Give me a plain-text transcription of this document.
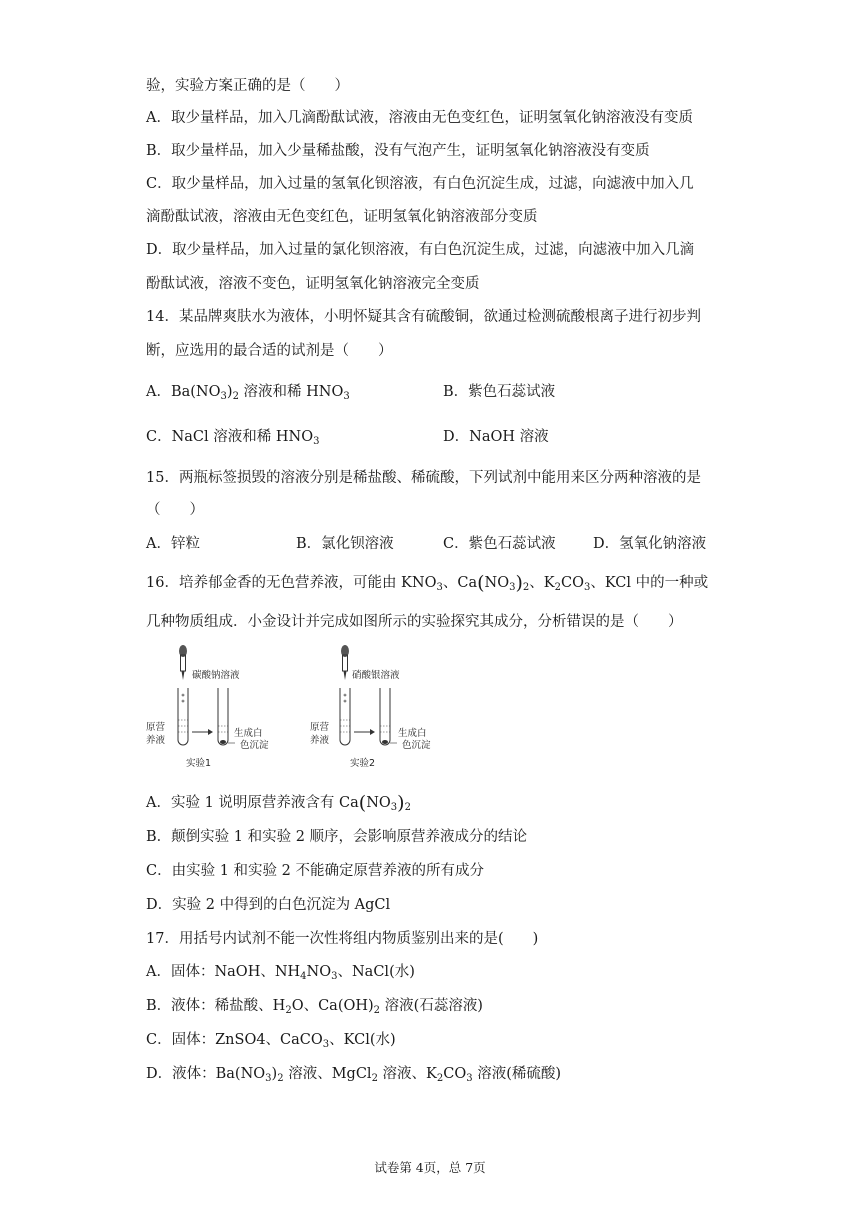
验，实验方案正确的是（　　）
A．取少量样品，加入几滴酚酞试液，溶液由无色变红色，证明氢氧化钠溶液没有变质
B．取少量样品，加入少量稀盐酸，没有气泡产生，证明氢氧化钠溶液没有变质
C．取少量样品，加入过量的氢氧化钡溶液，有白色沉淀生成，过滤，向滤液中加入几
滴酚酞试液，溶液由无色变红色，证明氢氧化钠溶液部分变质
D．取少量样品，加入过量的氯化钡溶液，有白色沉淀生成，过滤，向滤液中加入几滴
酚酞试液，溶液不变色，证明氢氧化钠溶液完全变质
14．某品牌爽肤水为液体，小明怀疑其含有硫酸铜，欲通过检测硫酸根离子进行初步判
断，应选用的最合适的试剂是（　　）
A．$Ba(NO_3)_2$ 溶液和稀 $HNO_3$	B．紫色石蕊试液
C．NaCl 溶液和稀 $HNO_3$	D．NaOH 溶液
15．两瓶标签损毁的溶液分别是稀盐酸、稀硫酸，下列试剂中能用来区分两种溶液的是
（　　）
A．锌粒	B．氯化钡溶液	C．紫色石蕊试液	D．氢氧化钠溶液
16．培养郁金香的无色营养液，可能由 $KNO_3$、$Ca(NO_3)_2$、$K_2CO_3$、KCl 中的一种或
几种物质组成．小金设计并完成如图所示的实验探究其成分，分析错误的是（　　）
碳酸钠溶液
原营
养液
生成白
色沉淀
实验1
硝酸银溶液
原营
养液
生成白
色沉淀
实验2
A．实验 1 说明原营养液含有 $Ca(NO_3)_2$
B．颠倒实验 1 和实验 2 顺序，会影响原营养液成分的结论
C．由实验 1 和实验 2 不能确定原营养液的所有成分
D．实验 2 中得到的白色沉淀为 AgCl
17．用括号内试剂不能一次性将组内物质鉴别出来的是(　　)
A．固体：NaOH、$NH_4NO_3$、NaCl(水)
B．液体：稀盐酸、$H_2O$、$Ca(OH)_2$ 溶液(石蕊溶液)
C．固体：ZnSO4、CaCO$_3$、KCl(水)
D．液体：$Ba(NO_3)_2$ 溶液、MgCl$_2$ 溶液、$K_2CO_3$ 溶液(稀硫酸)
试卷第 4页，总 7页
